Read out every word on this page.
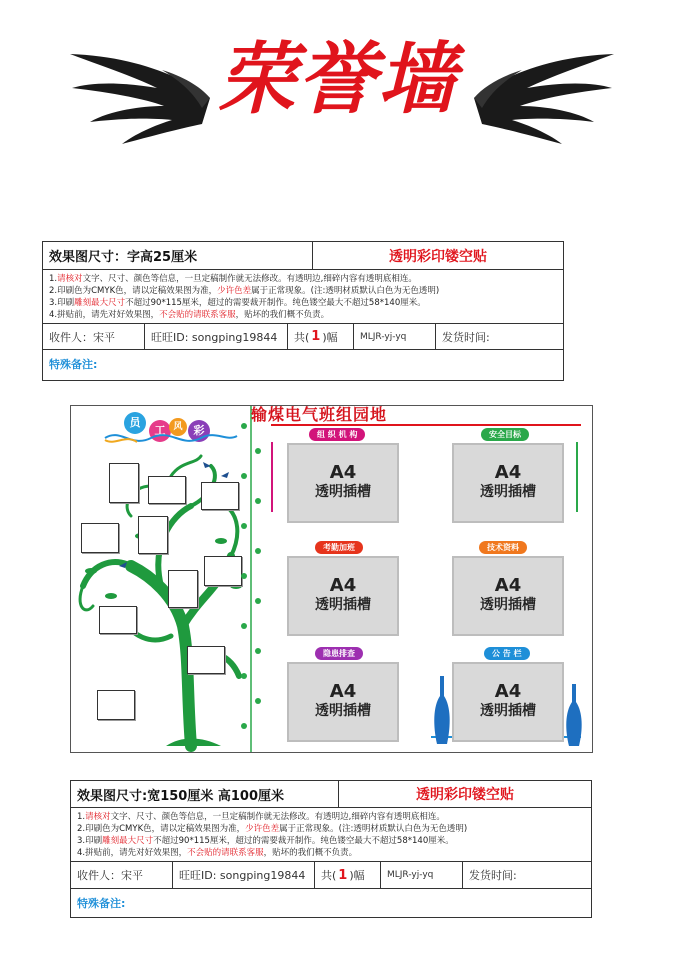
荣誉墙
效果图尺寸：字高25厘米	透明彩印镂空贴
1.请核对文字、尺寸、颜色等信息，一旦定稿制作就无法修改。有透明边,细碎内容有透明底相连。
2.印刷色为CMYK色，请以定稿效果图为准，少许色差属于正常现象。(注:透明材质默认白色为无色透明)
3.印刷雕刻最大尺寸不超过90*115厘米，超过的需要裁开制作。纯色镂空最大不超过58*140厘米。
4.拼贴前，请先对好效果图，不会贴的请联系客服，贴坏的我们概不负责。
收件人：宋平	旺旺ID: songping19844	共( 1 )幅	MLJR-yj-yq	发货时间:
特殊备注:
员
工 风	彩
输煤电气班组园地
组 织 机 构
A4
透明插槽
安全目标
A4
透明插槽
考勤加班
A4
透明插槽
技术资料
A4
透明插槽
隐患排查
A4
透明插槽
公 告 栏
A4
透明插槽
效果图尺寸:宽150厘米 高100厘米	透明彩印镂空贴
1.请核对文字、尺寸、颜色等信息，一旦定稿制作就无法修改。有透明边,细碎内容有透明底相连。
2.印刷色为CMYK色，请以定稿效果图为准，少许色差属于正常现象。(注:透明材质默认白色为无色透明)
3.印刷雕刻最大尺寸不超过90*115厘米，超过的需要裁开制作。纯色镂空最大不超过58*140厘米。
4.拼贴前，请先对好效果图，不会贴的请联系客服，贴坏的我们概不负责。
收件人：宋平	旺旺ID: songping19844	共( 1 )幅	MLJR-yj-yq	发货时间:
特殊备注:
